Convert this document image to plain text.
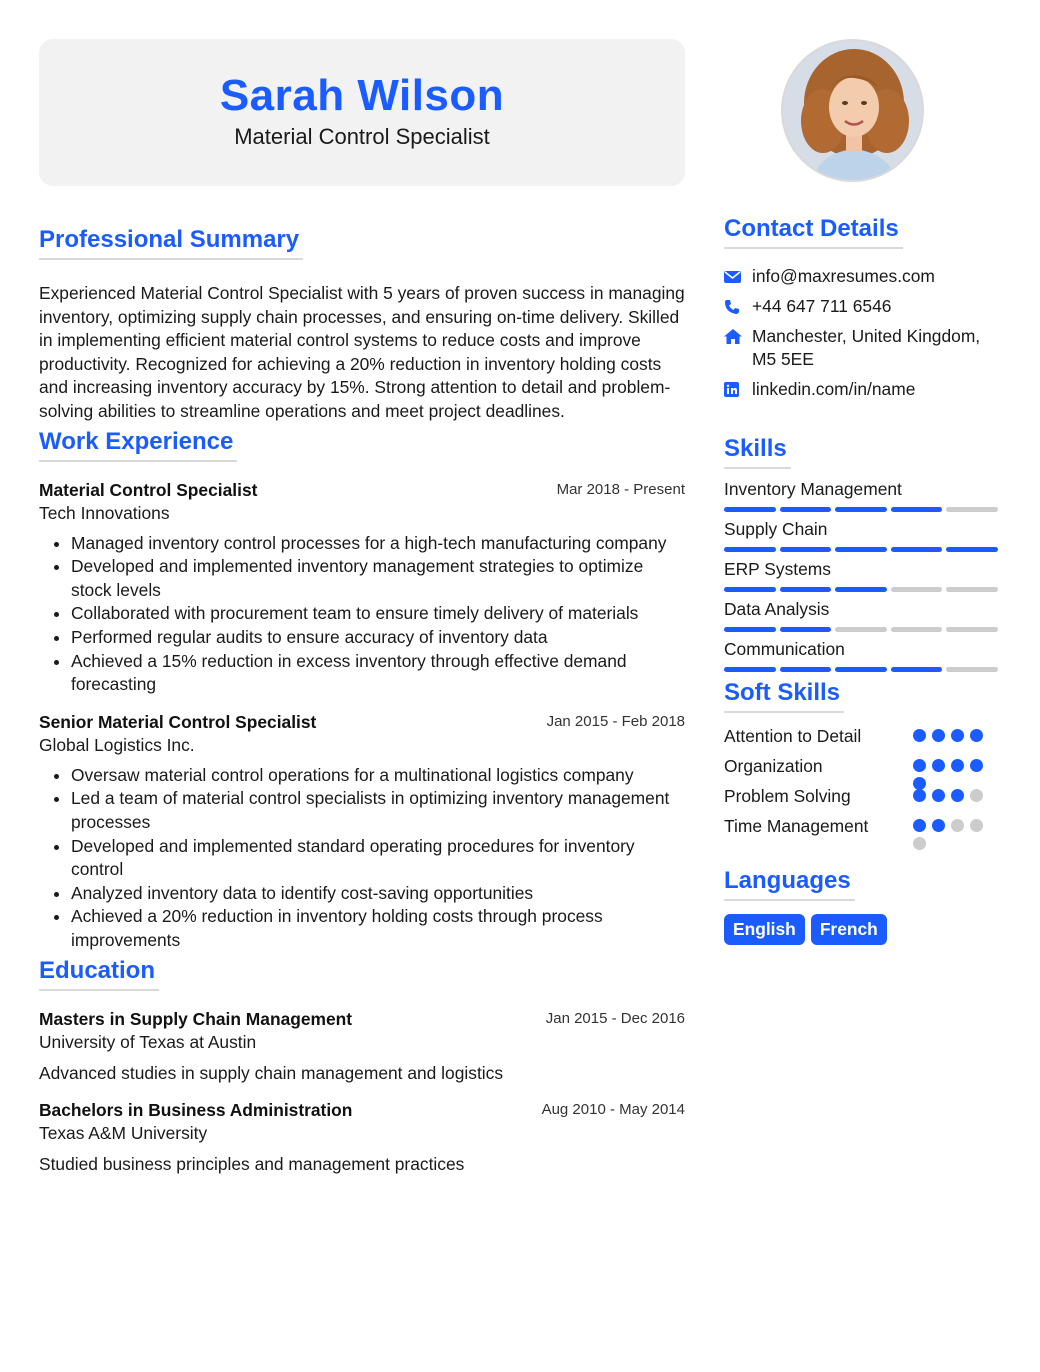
Sarah Wilson
Material Control Specialist
Professional Summary

Experienced Material Control Specialist with 5 years of proven success in managing inventory, optimizing supply chain processes, and ensuring on-time delivery. Skilled in implementing efficient material control systems to reduce costs and improve productivity. Recognized for achieving a 20% reduction in inventory holding costs and increasing inventory accuracy by 15%. Strong attention to detail and problem-solving abilities to streamline operations and meet project deadlines.

Work Experience
Material Control Specialist	Mar 2018 - Present
Tech Innovations
• Managed inventory control processes for a high-tech manufacturing company
• Developed and implemented inventory management strategies to optimize stock levels
• Collaborated with procurement team to ensure timely delivery of materials
• Performed regular audits to ensure accuracy of inventory data
• Achieved a 15% reduction in excess inventory through effective demand forecasting
Senior Material Control Specialist	Jan 2015 - Feb 2018
Global Logistics Inc.
• Oversaw material control operations for a multinational logistics company
• Led a team of material control specialists in optimizing inventory management processes
• Developed and implemented standard operating procedures for inventory control
• Analyzed inventory data to identify cost-saving opportunities
• Achieved a 20% reduction in inventory holding costs through process improvements
Education
Masters in Supply Chain Management	Jan 2015 - Dec 2016
University of Texas at Austin
Advanced studies in supply chain management and logistics
Bachelors in Business Administration	Aug 2010 - May 2014
Texas A&M University
Studied business principles and management practices
Contact Details
info@maxresumes.com
+44 647 711 6546
Manchester, United Kingdom,
M5 5EE
linkedin.com/in/name
Skills
Inventory Management
Supply Chain
ERP Systems
Data Analysis
Communication
Soft Skills
Attention to Detail
Organization
Problem Solving
Time Management
Languages
English	French
